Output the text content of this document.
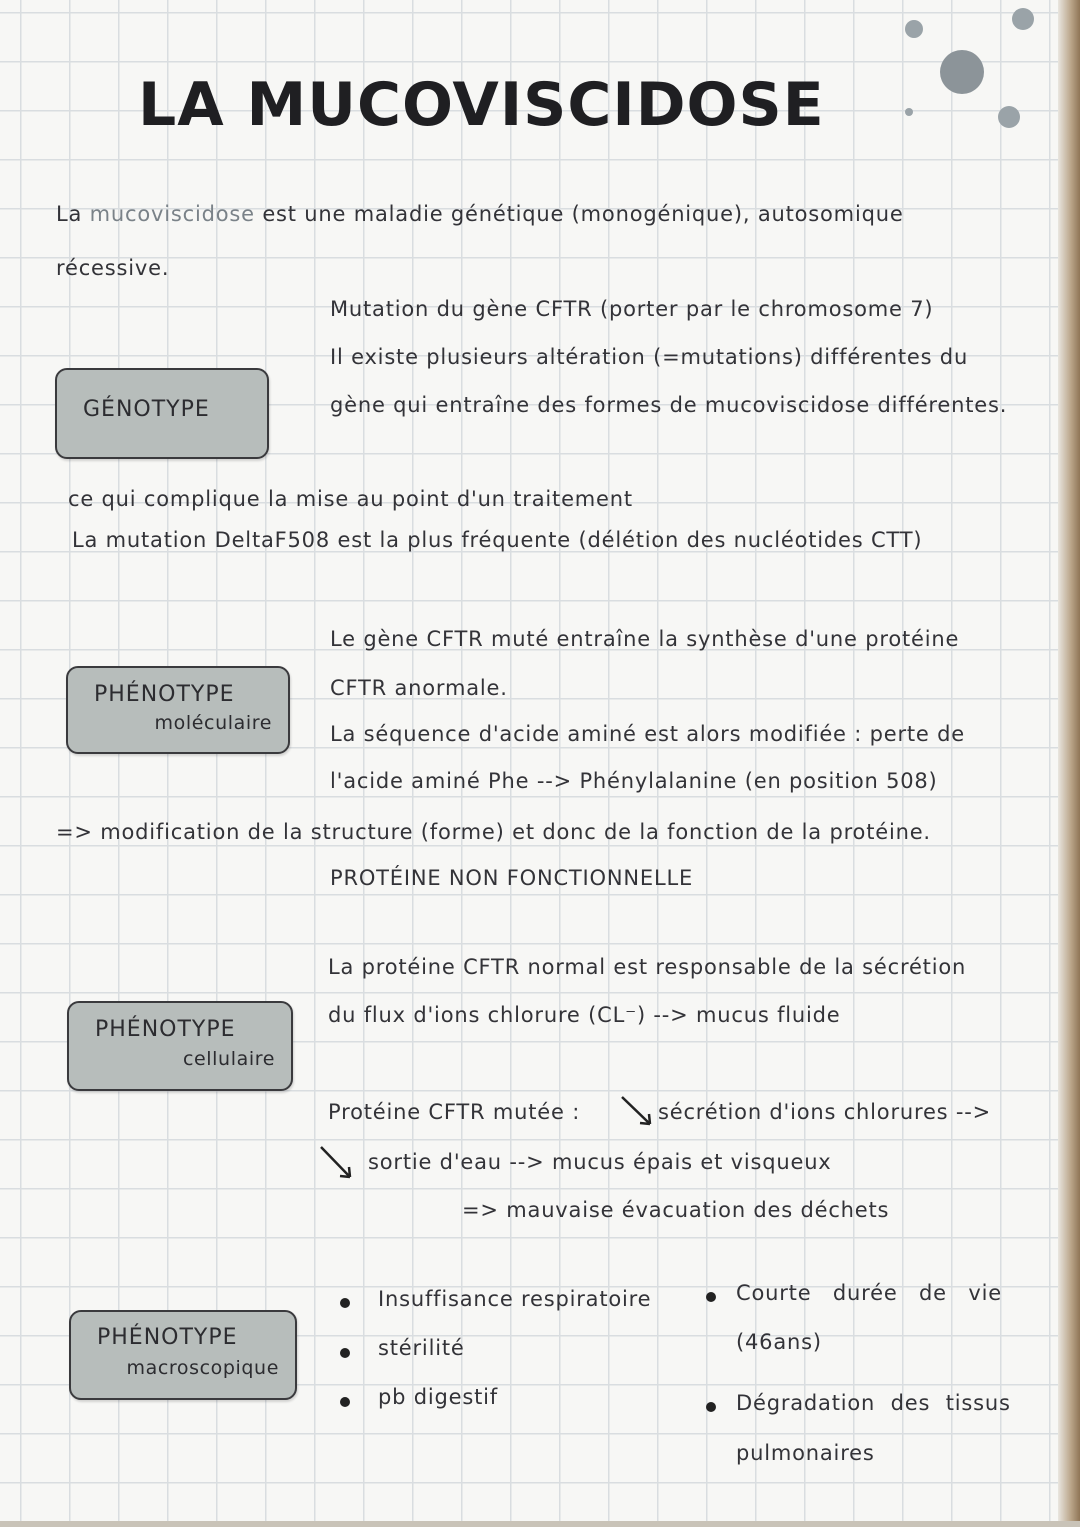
LA MUCOVISCIDOSE
La mucoviscidose est une maladie génétique (monogénique), autosomique
récessive.
GÉNOTYPE
Mutation du gène CFTR (porter par le chromosome 7)
Il existe plusieurs altération (=mutations) différentes du
gène qui entraîne des formes de mucoviscidose différentes.
ce qui complique la mise au point d'un traitement
La mutation DeltaF508 est la plus fréquente (délétion des nucléotides CTT)
PHÉNOTYPE
moléculaire
Le gène CFTR muté entraîne la synthèse d'une protéine
CFTR anormale.
La séquence d'acide aminé est alors modifiée : perte de
l'acide aminé Phe --> Phénylalanine (en position 508)
=> modification de la structure (forme) et donc de la fonction de la protéine.
PROTÉINE NON FONCTIONNELLE
PHÉNOTYPE
cellulaire
La protéine CFTR normal est responsable de la sécrétion
du flux d'ions chlorure (CL⁻) --> mucus fluide
Protéine CFTR mutée :	sécrétion d'ions chlorures -->
sortie d'eau --> mucus épais et visqueux
=> mauvaise évacuation des déchets
PHÉNOTYPE
macroscopique
Insuffisance respiratoire
stérilité
pb digestif
Courte durée de vie
(46ans)
Dégradation des tissus
pulmonaires
